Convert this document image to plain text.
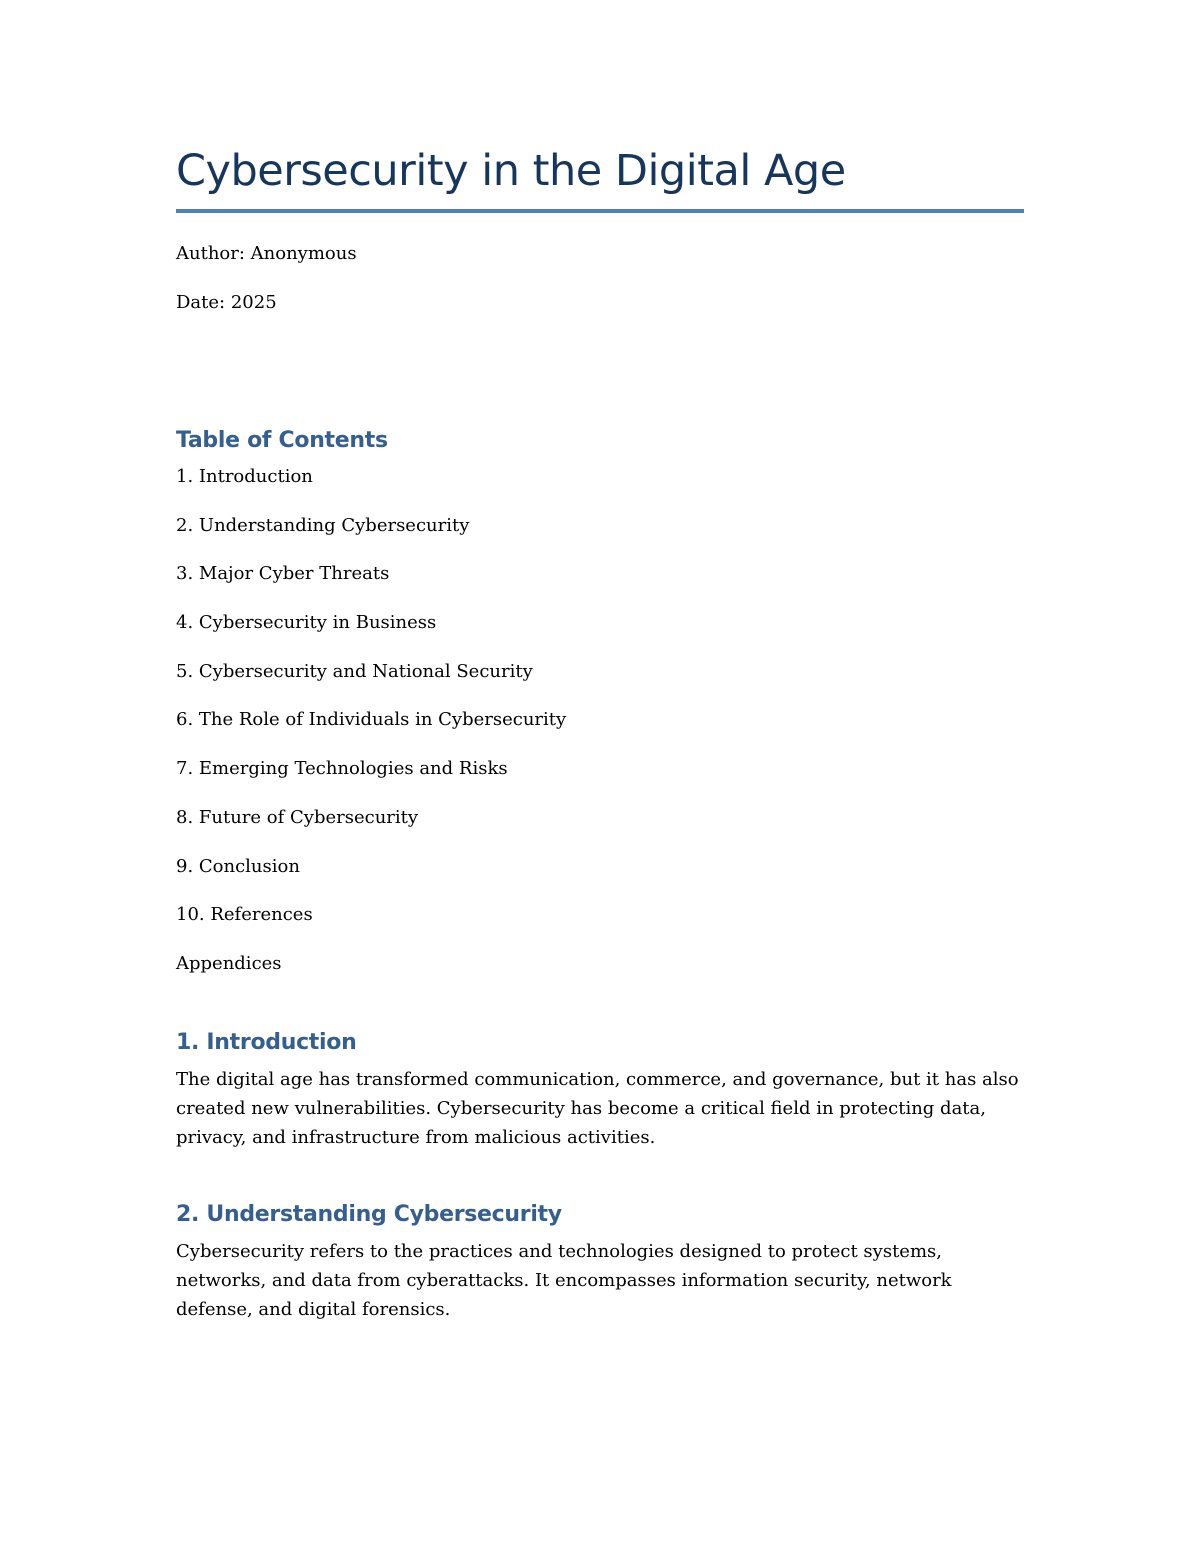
Cybersecurity in the Digital Age

Author: Anonymous

Date: 2025

Table of Contents
1. Introduction
2. Understanding Cybersecurity
3. Major Cyber Threats
4. Cybersecurity in Business
5. Cybersecurity and National Security
6. The Role of Individuals in Cybersecurity
7. Emerging Technologies and Risks
8. Future of Cybersecurity
9. Conclusion
10. References
Appendices
1. Introduction

The digital age has transformed communication, commerce, and governance, but it has also created new vulnerabilities. Cybersecurity has become a critical field in protecting data, privacy, and infrastructure from malicious activities.

2. Understanding Cybersecurity

Cybersecurity refers to the practices and technologies designed to protect systems, networks, and data from cyberattacks. It encompasses information security, network defense, and digital forensics.
